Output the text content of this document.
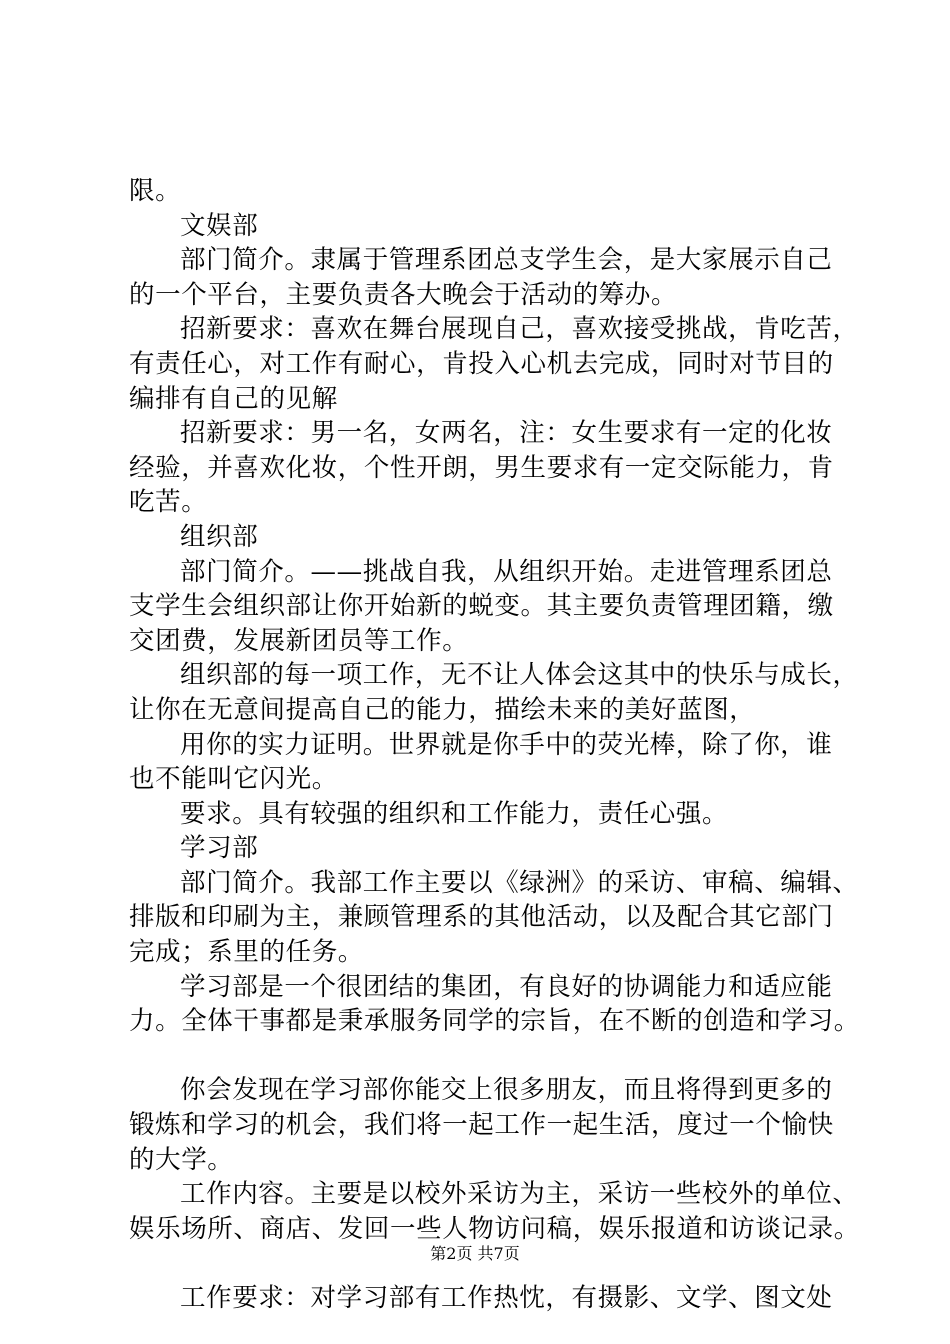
限。
文娱部
部门简介。隶属于管理系团总支学生会，是大家展示自己
的一个平台，主要负责各大晚会于活动的筹办。
招新要求：喜欢在舞台展现自己，喜欢接受挑战，肯吃苦，
有责任心，对工作有耐心，肯投入心机去完成，同时对节目的
编排有自己的见解
招新要求：男一名，女两名，注：女生要求有一定的化妆
经验，并喜欢化妆，个性开朗，男生要求有一定交际能力，肯
吃苦。
组织部
部门简介。——挑战自我，从组织开始。走进管理系团总
支学生会组织部让你开始新的蜕变。其主要负责管理团籍，缴
交团费，发展新团员等工作。
组织部的每一项工作，无不让人体会这其中的快乐与成长，
让你在无意间提高自己的能力，描绘未来的美好蓝图，
用你的实力证明。世界就是你手中的荧光棒，除了你，谁
也不能叫它闪光。
要求。具有较强的组织和工作能力，责任心强。
学习部
部门简介。我部工作主要以《绿洲》的采访、审稿、编辑、
排版和印刷为主，兼顾管理系的其他活动，以及配合其它部门
完成；系里的任务。
学习部是一个很团结的集团，有良好的协调能力和适应能
力。全体干事都是秉承服务同学的宗旨，在不断的创造和学习。
你会发现在学习部你能交上很多朋友，而且将得到更多的
锻炼和学习的机会，我们将一起工作一起生活，度过一个愉快
的大学。
工作内容。主要是以校外采访为主，采访一些校外的单位、
娱乐场所、商店、发回一些人物访问稿，娱乐报道和访谈记录。
工作要求：对学习部有工作热忱，有摄影、文学、图文处
第2页 共7页
